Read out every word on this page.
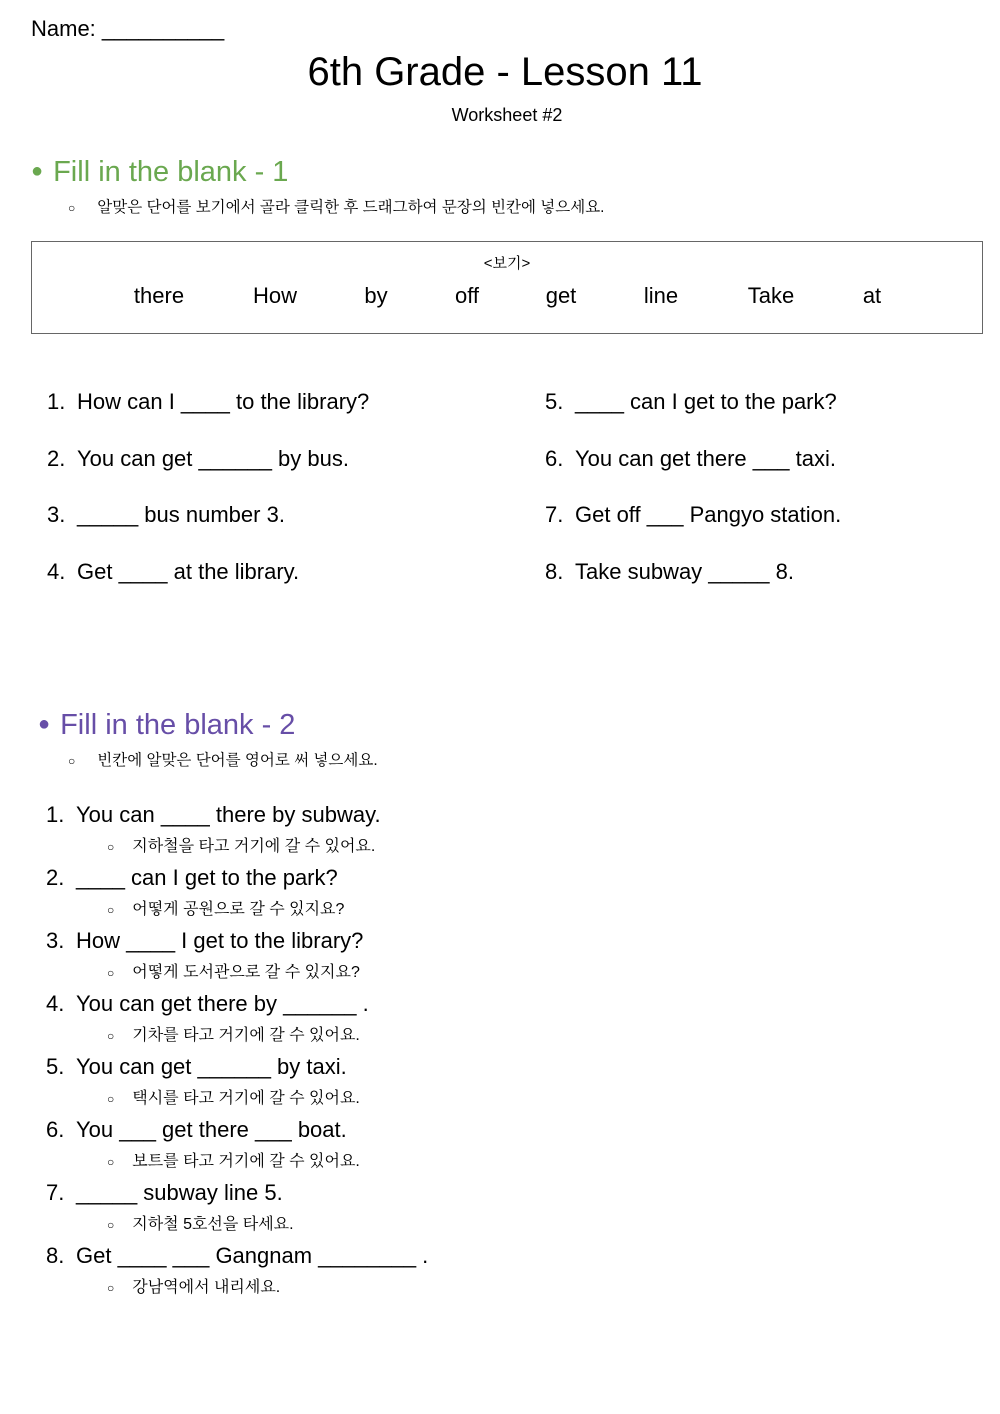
Name: __________
6th Grade - Lesson 11
Worksheet #2
● Fill in the blank - 1
○ 알맞은 단어를 보기에서 골라 클릭한 후 드래그하여 문장의 빈칸에 넣으세요.
<보기>
there	How	by	off	get	line	Take	at
1. How can I ____ to the library?
2. You can get ______ by bus.
3. _____ bus number 3.
4. Get ____ at the library.
5. ____ can I get to the park?
6. You can get there ___ taxi.
7. Get off ___ Pangyo station.
8. Take subway _____ 8.
● Fill in the blank - 2
○ 빈칸에 알맞은 단어를 영어로 써 넣으세요.
1. You can ____ there by subway.
○ 지하철을 타고 거기에 갈 수 있어요.
2. ____ can I get to the park?
○ 어떻게 공원으로 갈 수 있지요?
3. How ____ I get to the library?
○ 어떻게 도서관으로 갈 수 있지요?
4. You can get there by ______ .
○ 기차를 타고 거기에 갈 수 있어요.
5. You can get ______ by taxi.
○ 택시를 타고 거기에 갈 수 있어요.
6. You ___ get there ___ boat.
○ 보트를 타고 거기에 갈 수 있어요.
7. _____ subway line 5.
○ 지하철 5호선을 타세요.
8. Get ____ ___ Gangnam ________ .
○ 강남역에서 내리세요.
